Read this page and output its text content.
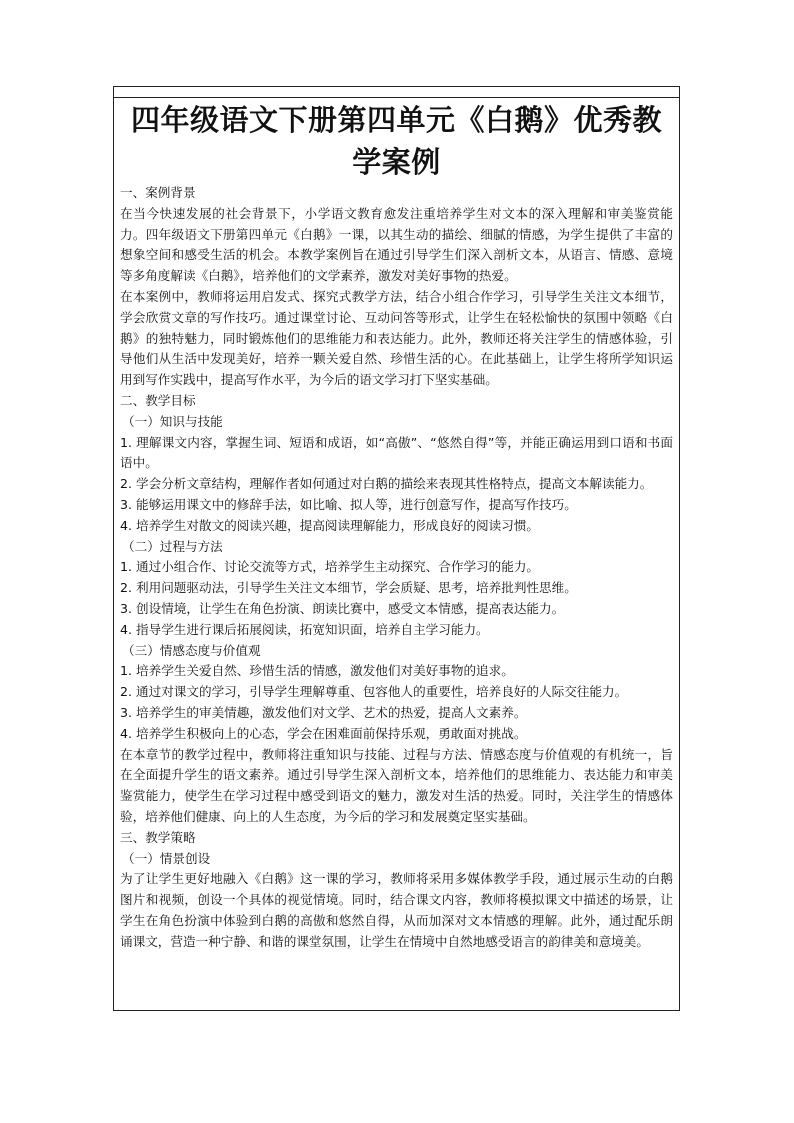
四年级语文下册第四单元《白鹅》优秀教学案例

一、案例背景

在当今快速发展的社会背景下，小学语文教育愈发注重培养学生对文本的深入理解和审美鉴赏能力。四年级语文下册第四单元《白鹅》一课，以其生动的描绘、细腻的情感，为学生提供了丰富的想象空间和感受生活的机会。本教学案例旨在通过引导学生们深入剖析文本，从语言、情感、意境等多角度解读《白鹅》，培养他们的文学素养，激发对美好事物的热爱。

在本案例中，教师将运用启发式、探究式教学方法，结合小组合作学习，引导学生关注文本细节，学会欣赏文章的写作技巧。通过课堂讨论、互动问答等形式，让学生在轻松愉快的氛围中领略《白鹅》的独特魅力，同时锻炼他们的思维能力和表达能力。此外，教师还将关注学生的情感体验，引导他们从生活中发现美好，培养一颗关爱自然、珍惜生活的心。在此基础上，让学生将所学知识运用到写作实践中，提高写作水平，为今后的语文学习打下坚实基础。

二、教学目标

（一）知识与技能

1. 理解课文内容，掌握生词、短语和成语，如“高傲”、“悠然自得”等，并能正确运用到口语和书面语中。

2. 学会分析文章结构，理解作者如何通过对白鹅的描绘来表现其性格特点，提高文本解读能力。

3. 能够运用课文中的修辞手法，如比喻、拟人等，进行创意写作，提高写作技巧。

4. 培养学生对散文的阅读兴趣，提高阅读理解能力，形成良好的阅读习惯。

（二）过程与方法

1. 通过小组合作、讨论交流等方式，培养学生主动探究、合作学习的能力。

2. 利用问题驱动法，引导学生关注文本细节，学会质疑、思考，培养批判性思维。

3. 创设情境，让学生在角色扮演、朗读比赛中，感受文本情感，提高表达能力。

4. 指导学生进行课后拓展阅读，拓宽知识面，培养自主学习能力。

（三）情感态度与价值观

1. 培养学生关爱自然、珍惜生活的情感，激发他们对美好事物的追求。

2. 通过对课文的学习，引导学生理解尊重、包容他人的重要性，培养良好的人际交往能力。

3. 培养学生的审美情趣，激发他们对文学、艺术的热爱，提高人文素养。

4. 培养学生积极向上的心态，学会在困难面前保持乐观，勇敢面对挑战。

在本章节的教学过程中，教师将注重知识与技能、过程与方法、情感态度与价值观的有机统一，旨在全面提升学生的语文素养。通过引导学生深入剖析文本，培养他们的思维能力、表达能力和审美鉴赏能力，使学生在学习过程中感受到语文的魅力，激发对生活的热爱。同时，关注学生的情感体验，培养他们健康、向上的人生态度，为今后的学习和发展奠定坚实基础。

三、教学策略

（一）情景创设

为了让学生更好地融入《白鹅》这一课的学习，教师将采用多媒体教学手段，通过展示生动的白鹅图片和视频，创设一个具体的视觉情境。同时，结合课文内容，教师将模拟课文中描述的场景，让学生在角色扮演中体验到白鹅的高傲和悠然自得，从而加深对文本情感的理解。此外，通过配乐朗诵课文，营造一种宁静、和谐的课堂氛围，让学生在情境中自然地感受语言的韵律美和意境美。
